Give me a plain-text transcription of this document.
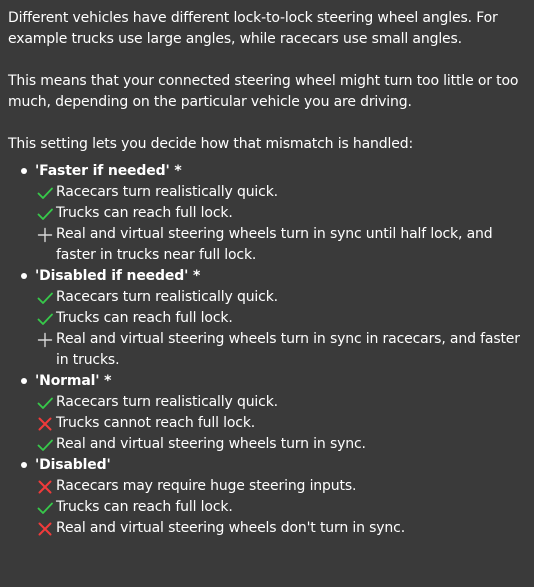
Different vehicles have different lock-to-lock steering wheel angles. For example trucks use large angles, while racecars use small angles.

This means that your connected steering wheel might turn too little or too much, depending on the particular vehicle you are driving.

This setting lets you decide how that mismatch is handled:

'Faster if needed' *
Racecars turn realistically quick.
Trucks can reach full lock.
Real and virtual steering wheels turn in sync until half lock, and faster in trucks near full lock.
'Disabled if needed' *
Racecars turn realistically quick.
Trucks can reach full lock.
Real and virtual steering wheels turn in sync in racecars, and faster in trucks.
'Normal' *
Racecars turn realistically quick.
Trucks cannot reach full lock.
Real and virtual steering wheels turn in sync.
'Disabled'
Racecars may require huge steering inputs.
Trucks can reach full lock.
Real and virtual steering wheels don't turn in sync.
